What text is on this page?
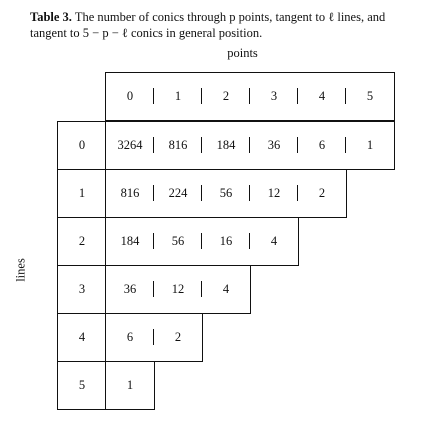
Table 3. The number of conics through p points, tangent to ℓ lines, and tangent to 5 − p − ℓ conics in general position.
points
lines
0	1	2	3	4	5
0	3264	816	184	36	6	1
1	816	224	56	12	2
2	184	56	16	4
3	36	12	4
4	6	2
5	1
